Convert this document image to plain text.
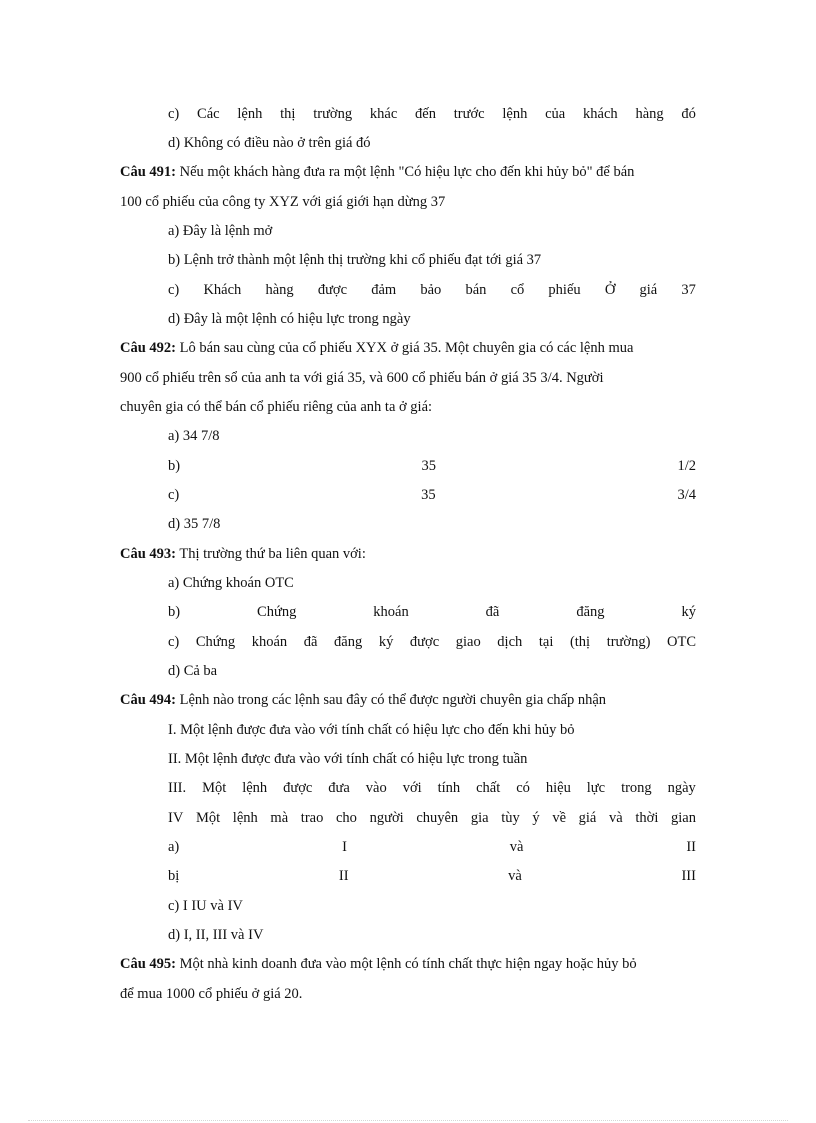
c) Các lệnh thị trường khác đến trước lệnh của khách hàng đó
d) Không có điều nào ở trên giá đó
Câu 491: Nếu một khách hàng đưa ra một lệnh "Có hiệu lực cho đến khi hủy bỏ" để bán
100 cổ phiếu của công ty XYZ với giá giới hạn dừng 37
a) Đây là lệnh mở
b) Lệnh trở thành một lệnh thị trường khi cổ phiếu đạt tới giá 37
c) Khách hàng được đảm bảo bán cổ phiếu Ở giá 37
d) Đây là một lệnh có hiệu lực trong ngày
Câu 492: Lô bán sau cùng của cổ phiếu XYX ở giá 35. Một chuyên gia có các lệnh mua
900 cổ phiếu trên sổ của anh ta với giá 35, và 600 cổ phiếu bán ở giá 35 3/4. Người
chuyên gia có thể bán cổ phiếu riêng của anh ta ở giá:
a) 34 7/8
b)	35	1/2
c)	35	3/4
d) 35 7/8
Câu 493: Thị trường thứ ba liên quan với:
a) Chứng khoán OTC
b)	Chứng	khoán	đã	đăng	ký
c) Chứng khoán đã đăng ký được giao dịch tại (thị trường) OTC
d) Cả ba
Câu 494: Lệnh nào trong các lệnh sau đây có thể được người chuyên gia chấp nhận
I. Một lệnh được đưa vào với tính chất có hiệu lực cho đến khi hủy bỏ
II. Một lệnh được đưa vào với tính chất có hiệu lực trong tuần
III. Một lệnh được đưa vào với tính chất có hiệu lực trong ngày
IV Một lệnh mà trao cho người chuyên gia tùy ý về giá và thời gian
a)	I	và	II
bị	II	và	III
c) I IU và IV
d) I, II, III và IV
Câu 495: Một nhà kinh doanh đưa vào một lệnh có tính chất thực hiện ngay hoặc hủy bỏ
để mua 1000 cổ phiếu ở giá 20.
